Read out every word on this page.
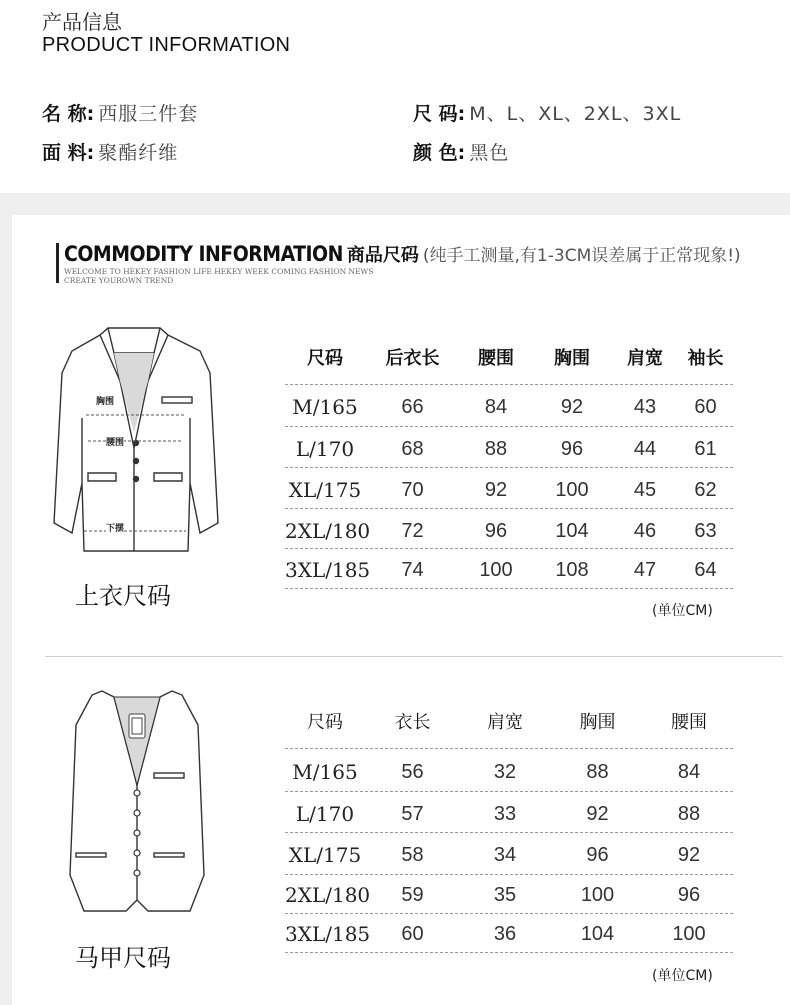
产品信息
PRODUCT INFORMATION
名 称: 西服三件套
面 料: 聚酯纤维
尺 码: M、L、XL、2XL、3XL
颜 色: 黑色
COMMODITY INFORMATION 商品尺码 (纯手工测量,有1-3CM误差属于正常现象!)
WELCOME TO HEKEY FASHION LIFE HEKEY WEEK COMING FASHION NEWS
CREATE YOUROWN TREND
胸围
腰围
下摆
上衣尺码
尺码	后衣长	腰围	胸围	肩宽	袖长
M/165	66	84	92	43	60
L/170	68	88	96	44	61
XL/175	70	92	100	45	62
2XL/180	72	96	104	46	63
3XL/185	74	100	108	47	64
(单位CM)
马甲尺码
尺码	衣长	肩宽	胸围	腰围
M/165	56	32	88	84
L/170	57	33	92	88
XL/175	58	34	96	92
2XL/180	59	35	100	96
3XL/185	60	36	104	100
(单位CM)
